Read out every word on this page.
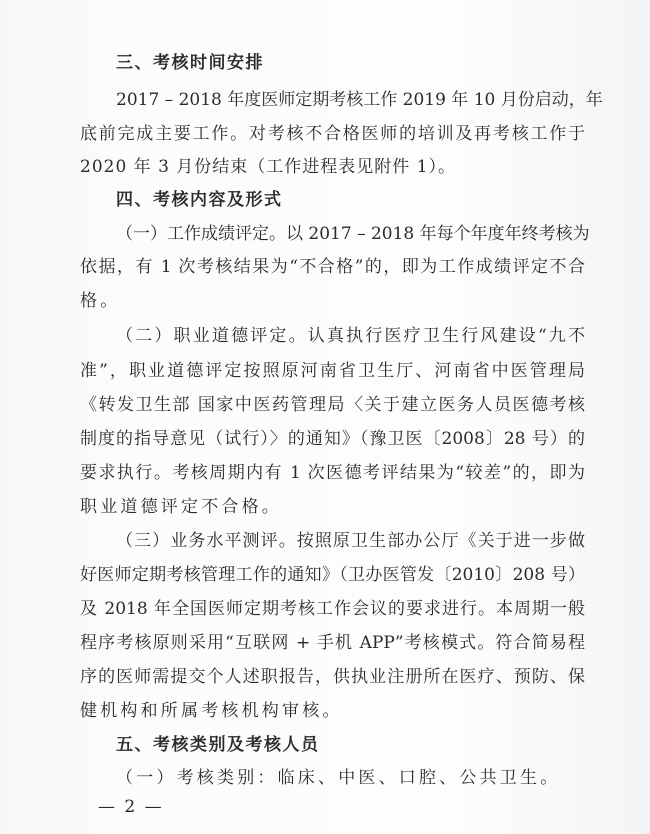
三、考核时间安排
2017 – 2018 年度医师定期考核工作 2019 年 10 月份启动，年
底前完成主要工作。对考核不合格医师的培训及再考核工作于
2020 年 3 月份结束（工作进程表见附件 1）。
四、考核内容及形式
（一）工作成绩评定。以 2017 – 2018 年每个年度年终考核为
依据，有 1 次考核结果为“不合格”的，即为工作成绩评定不合
格。
（二）职业道德评定。认真执行医疗卫生行风建设“九不
准”，职业道德评定按照原河南省卫生厅、河南省中医管理局
《转发卫生部 国家中医药管理局〈关于建立医务人员医德考核
制度的指导意见（试行）〉的通知》（豫卫医〔2008〕28 号）的
要求执行。考核周期内有 1 次医德考评结果为“较差”的，即为
职业道德评定不合格。
（三）业务水平测评。按照原卫生部办公厅《关于进一步做
好医师定期考核管理工作的通知》（卫办医管发〔2010〕208 号）
及 2018 年全国医师定期考核工作会议的要求进行。本周期一般
程序考核原则采用“互联网 + 手机 APP”考核模式。符合简易程
序的医师需提交个人述职报告，供执业注册所在医疗、预防、保
健机构和所属考核机构审核。
五、考核类别及考核人员
（一）考核类别：临床、中医、口腔、公共卫生。
— 2 —
